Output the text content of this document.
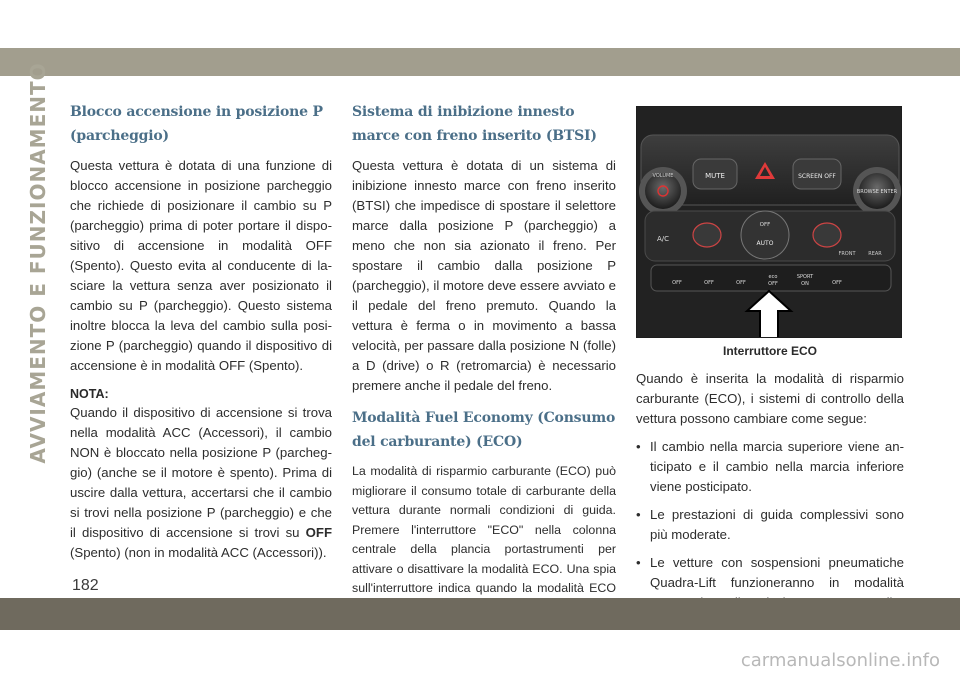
AVVIAMENTO E FUNZIONAMENTO Blocco accensione in posizione P (parcheggio)

Questa vettura è dotata di una funzione di blocco accensione in posizione parcheggio che richiede di posizionare il cambio su P (parcheggio) prima di poter portare il dispositivo di accensione in modalità OFF (Spento). Questo evita al conducente di lasciare la vettura senza aver posizionato il cambio su P (parcheggio). Questo sistema inoltre blocca la leva del cambio sulla posizione P (parcheggio) quando il dispositivo di accensione è in modalità OFF (Spento).

NOTA:

Quando il dispositivo di accensione si trova nella modalità ACC (Accessori), il cambio NON è bloccato nella posizione P (parcheggio) (anche se il motore è spento). Prima di uscire dalla vettura, accertarsi che il cambio si trovi nella posizione P (parcheggio) e che il dispositivo di accensione si trovi su OFF (Spento) (non in modalità ACC (Accessori)).

Sistema di inibizione innesto marce con freno inserito (BTSI)

Questa vettura è dotata di un sistema di inibizione innesto marce con freno inserito (BTSI) che impedisce di spostare il selettore marce dalla posizione P (parcheggio) a meno che non sia azionato il freno. Per spostare il cambio dalla posizione P (parcheggio), il motore deve essere avviato e il pedale del freno premuto. Quando la vettura è ferma o in movimento a bassa velocità, per passare dalla posizione N (folle) a D (drive) o R (retromarcia) è necessario premere anche il pedale del freno.

Modalità Fuel Economy (Consumo del carburante) (ECO)

La modalità di risparmio carburante (ECO) può migliorare il consumo totale di carburante della vettura durante normali condizioni di guida. Premere l'interruttore "ECO" nella colonna centrale della plancia portastrumenti per attivare o disattivare la modalità ECO. Una spia sull'interruttore indica quando la modalità ECO

VOLUME
BROWSE ENTER
MUTE	SCREEN OFF
A/C
OFF
AUTO
FRONT	REAR
OFF	OFF	OFF
eco
OFF
SPORT
ON	OFF
Interruttore ECO

Quando è inserita la modalità di risparmio carburante (ECO), i sistemi di controllo della vettura possono cambiare come segue:

• Il cambio nella marcia superiore viene anticipato e il cambio nella marcia inferiore viene posticipato.
• Le prestazioni di guida complessivi sono più moderate.
• Le vetture con sospensioni pneumatiche Quadra-Lift funzioneranno in modalità
182
carmanualsonline.info
